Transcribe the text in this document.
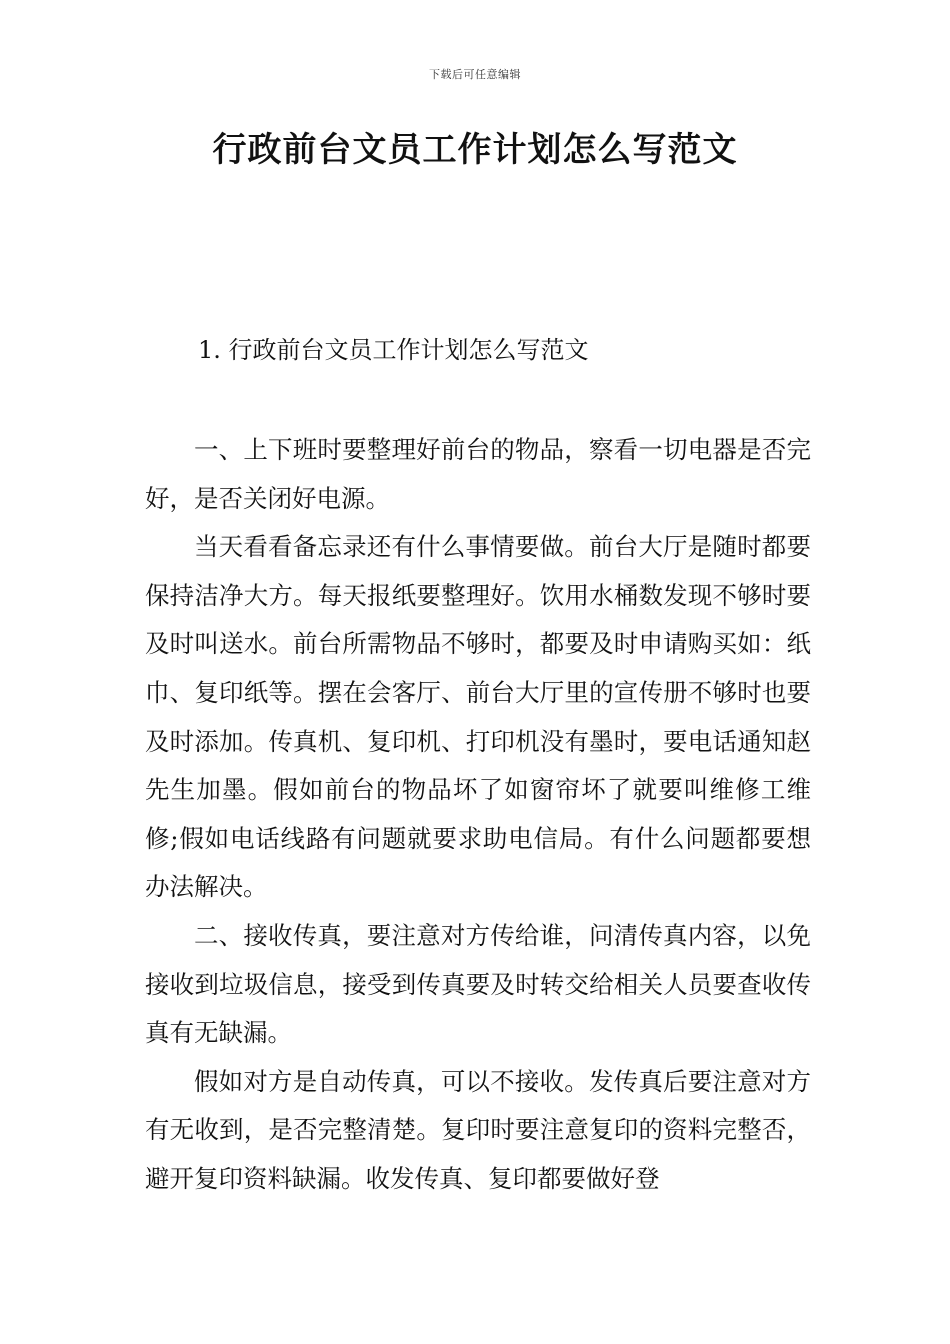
下载后可任意编辑
行政前台文员工作计划怎么写范文

1. 行政前台文员工作计划怎么写范文

一、上下班时要整理好前台的物品，察看一切电器是否完好，是否关闭好电源。

当天看看备忘录还有什么事情要做。前台大厅是随时都要保持洁净大方。每天报纸要整理好。饮用水桶数发现不够时要及时叫送水。前台所需物品不够时，都要及时申请购买如：纸巾、复印纸等。摆在会客厅、前台大厅里的宣传册不够时也要及时添加。传真机、复印机、打印机没有墨时，要电话通知赵先生加墨。假如前台的物品坏了如窗帘坏了就要叫维修工维修;假如电话线路有问题就要求助电信局。有什么问题都要想办法解决。

二、接收传真，要注意对方传给谁，问清传真内容，以免接收到垃圾信息，接受到传真要及时转交给相关人员要查收传真有无缺漏。

假如对方是自动传真，可以不接收。发传真后要注意对方有无收到，是否完整清楚。复印时要注意复印的资料完整否，避开复印资料缺漏。收发传真、复印都要做好登
